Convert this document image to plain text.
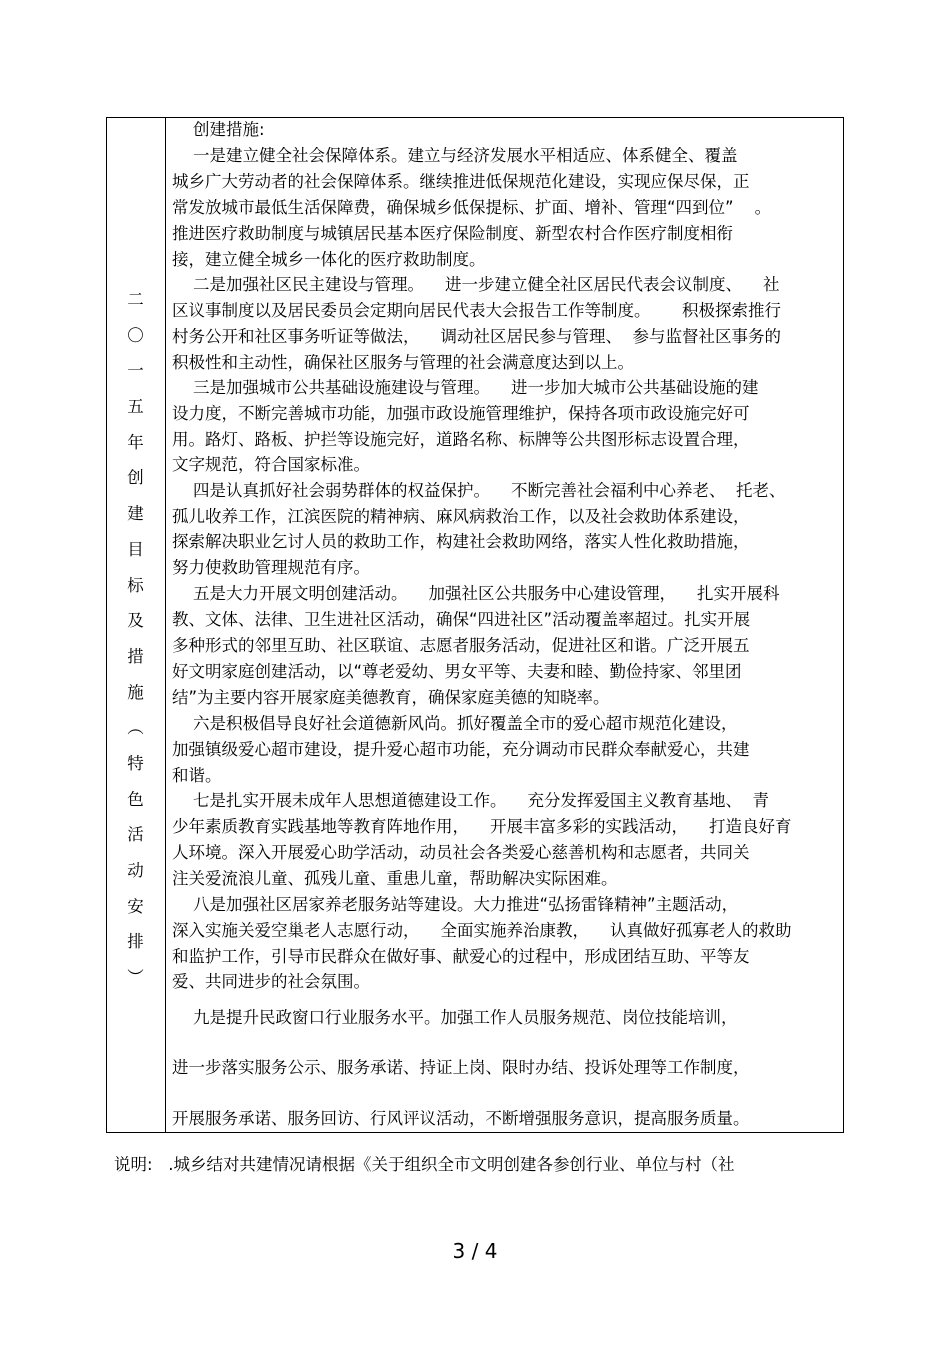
二
〇
一
五
年
创
建
目
标
及
措
施
︵
特
色
活
动
安
排
︶
创建措施:
一是建立健全社会保障体系。建立与经济发展水平相适应、体系健全、覆盖
城乡广大劳动者的社会保障体系。继续推进低保规范化建设，实现应保尽保，正
常发放城市最低生活保障费，确保城乡低保提标、扩面、增补、管理“四到位”    。
推进医疗救助制度与城镇居民基本医疗保险制度、新型农村合作医疗制度相衔
接，建立健全城乡一体化的医疗救助制度。
二是加强社区民主建设与管理。    进一步建立健全社区居民代表会议制度、    社
区议事制度以及居民委员会定期向居民代表大会报告工作等制度。      积极探索推行
村务公开和社区事务听证等做法，    调动社区居民参与管理、  参与监督社区事务的
积极性和主动性，确保社区服务与管理的社会满意度达到以上。
三是加强城市公共基础设施建设与管理。    进一步加大城市公共基础设施的建
设力度，不断完善城市功能，加强市政设施管理维护，保持各项市政设施完好可
用。路灯、路板、护拦等设施完好，道路名称、标牌等公共图形标志设置合理，
文字规范，符合国家标准。
四是认真抓好社会弱势群体的权益保护。    不断完善社会福利中心养老、  托老、
孤儿收养工作，江滨医院的精神病、麻风病救治工作，以及社会救助体系建设，
探索解决职业乞讨人员的救助工作，构建社会救助网络，落实人性化救助措施，
努力使救助管理规范有序。
五是大力开展文明创建活动。    加强社区公共服务中心建设管理，    扎实开展科
教、文体、法律、卫生进社区活动，确保“四进社区”活动覆盖率超过。扎实开展
多种形式的邻里互助、社区联谊、志愿者服务活动，促进社区和谐。广泛开展五
好文明家庭创建活动，以“尊老爱幼、男女平等、夫妻和睦、勤俭持家、邻里团
结”为主要内容开展家庭美德教育，确保家庭美德的知晓率。
六是积极倡导良好社会道德新风尚。抓好覆盖全市的爱心超市规范化建设，
加强镇级爱心超市建设，提升爱心超市功能，充分调动市民群众奉献爱心，共建
和谐。
七是扎实开展未成年人思想道德建设工作。    充分发挥爱国主义教育基地、  青
少年素质教育实践基地等教育阵地作用，    开展丰富多彩的实践活动，    打造良好育
人环境。深入开展爱心助学活动，动员社会各类爱心慈善机构和志愿者，共同关
注关爱流浪儿童、孤残儿童、重患儿童，帮助解决实际困难。
八是加强社区居家养老服务站等建设。大力推进“弘扬雷锋精神”主题活动，
深入实施关爱空巢老人志愿行动，    全面实施养治康教，    认真做好孤寡老人的救助
和监护工作，引导市民群众在做好事、献爱心的过程中，形成团结互助、平等友
爱、共同进步的社会氛围。
九是提升民政窗口行业服务水平。加强工作人员服务规范、岗位技能培训，
进一步落实服务公示、服务承诺、持证上岗、限时办结、投诉处理等工作制度，
开展服务承诺、服务回访、行风评议活动，不断增强服务意识，提高服务质量。
说明:   .城乡结对共建情况请根据《关于组织全市文明创建各参创行业、单位与村（社
3 / 4
